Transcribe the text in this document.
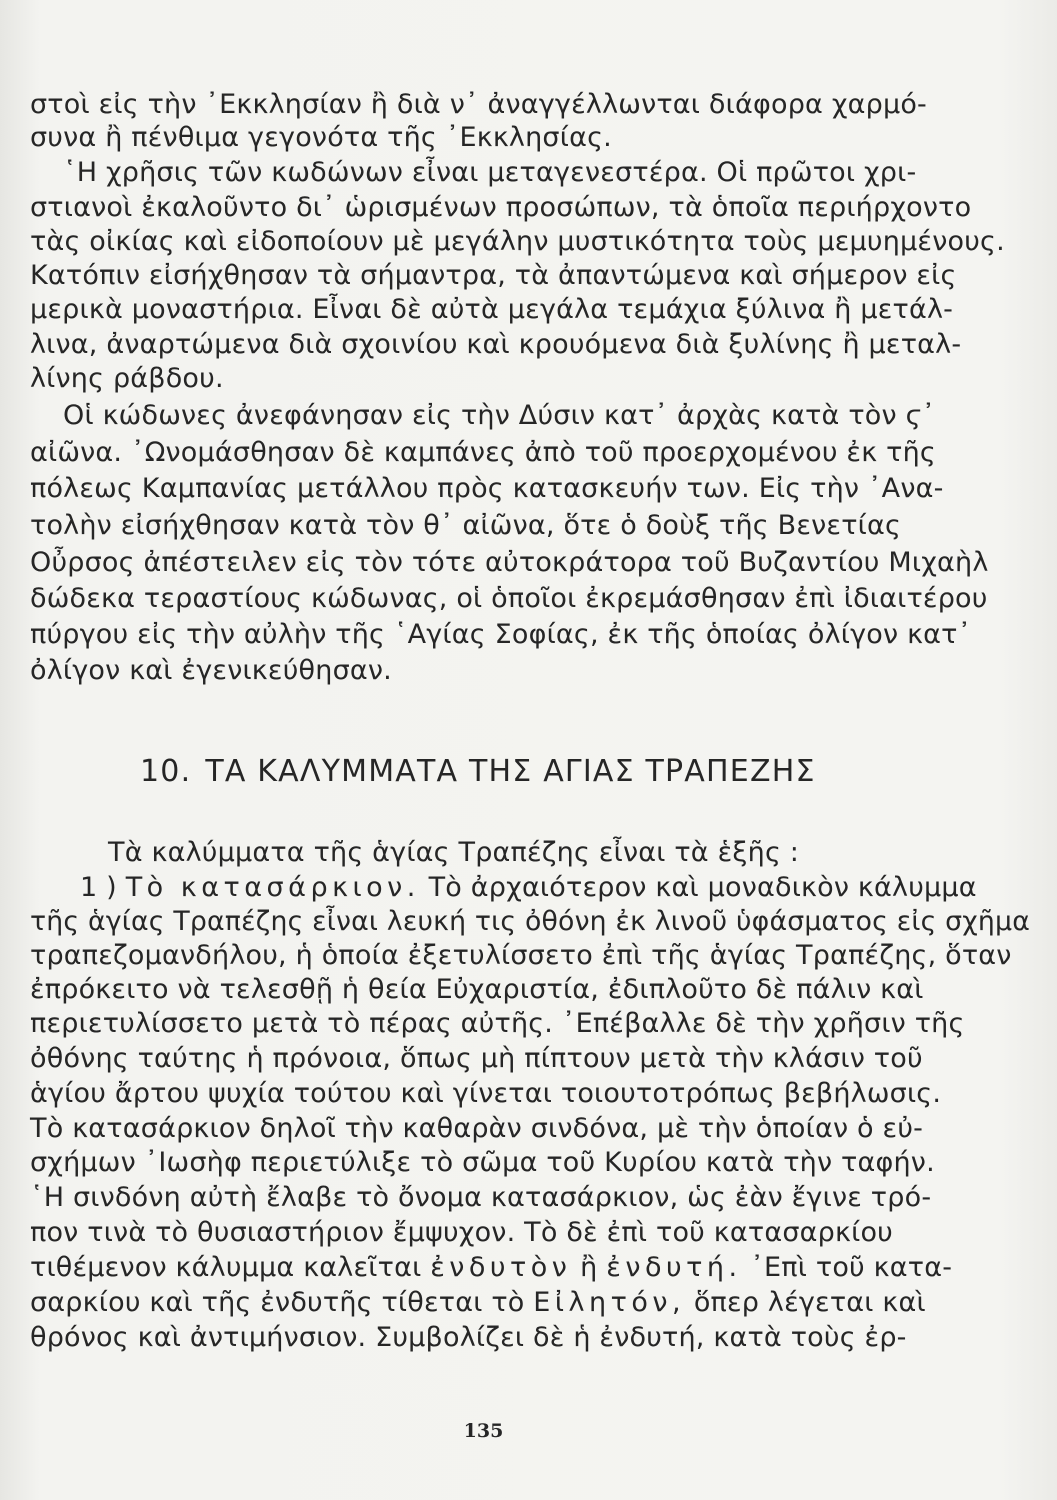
στοὶ εἰς τὴν ᾽Εκκλησίαν ἢ διὰ ν᾽ ἀναγγέλλωνται διάφορα χαρμό-
συνα ἢ πένθιμα γεγονότα τῆς ᾽Εκκλησίας.
῾Η χρῆσις τῶν κωδώνων εἶναι μεταγενεστέρα. Οἱ πρῶτοι χρι-
στιανοὶ ἐκαλοῦντο δι᾽ ὡρισμένων προσώπων, τὰ ὁποῖα περιήρχοντο
τὰς οἰκίας καὶ εἰδοποίουν μὲ μεγάλην μυστικότητα τοὺς μεμυημένους.
Κατόπιν εἰσήχθησαν τὰ σήμαντρα, τὰ ἀπαντώμενα καὶ σήμερον εἰς
μερικὰ μοναστήρια. Εἶναι δὲ αὐτὰ μεγάλα τεμάχια ξύλινα ἢ μετάλ-
λινα, ἀναρτώμενα διὰ σχοινίου καὶ κρουόμενα διὰ ξυλίνης ἢ μεταλ-
λίνης ράβδου.
Οἱ κώδωνες ἀνεφάνησαν εἰς τὴν Δύσιν κατ᾽ ἀρχὰς κατὰ τὸν ϛ᾽
αἰῶνα. ᾽Ωνομάσθησαν δὲ καμπάνες ἀπὸ τοῦ προερχομένου ἐκ τῆς
πόλεως Καμπανίας μετάλλου πρὸς κατασκευήν των. Εἰς τὴν ᾽Ανα-
τολὴν εἰσήχθησαν κατὰ τὸν θ᾽ αἰῶνα, ὅτε ὁ δοὺξ τῆς Βενετίας
Οὖρσος ἀπέστειλεν εἰς τὸν τότε αὐτοκράτορα τοῦ Βυζαντίου Μιχαὴλ
δώδεκα τεραστίους κώδωνας, οἱ ὁποῖοι ἐκρεμάσθησαν ἐπὶ ἰδιαιτέρου
πύργου εἰς τὴν αὐλὴν τῆς ῾Αγίας Σοφίας, ἐκ τῆς ὁποίας ὀλίγον κατ᾽
ὀλίγον καὶ ἐγενικεύθησαν.
10. ΤΑ ΚΑΛΥΜΜΑΤΑ ΤΗΣ ΑΓΙΑΣ ΤΡΑΠΕΖΗΣ
Τὰ καλύμματα τῆς ἁγίας Τραπέζης εἶναι τὰ ἑξῆς :
1 ) Τὸ κατασάρκιον. Τὸ ἀρχαιότερον καὶ μοναδικὸν κάλυμμα
τῆς ἁγίας Τραπέζης εἶναι λευκή τις ὀθόνη ἐκ λινοῦ ὑφάσματος εἰς σχῆμα
τραπεζομανδήλου, ἡ ὁποία ἐξετυλίσσετο ἐπὶ τῆς ἁγίας Τραπέζης, ὅταν
ἐπρόκειτο νὰ τελεσθῇ ἡ θεία Εὐχαριστία, ἐδιπλοῦτο δὲ πάλιν καὶ
περιετυλίσσετο μετὰ τὸ πέρας αὐτῆς. ᾽Επέβαλλε δὲ τὴν χρῆσιν τῆς
ὀθόνης ταύτης ἡ πρόνοια, ὅπως μὴ πίπτουν μετὰ τὴν κλάσιν τοῦ
ἁγίου ἄρτου ψυχία τούτου καὶ γίνεται τοιουτοτρόπως βεβήλωσις.
Τὸ κατασάρκιον δηλοῖ τὴν καθαρὰν σινδόνα, μὲ τὴν ὁποίαν ὁ εὐ-
σχήμων ᾽Ιωσὴφ περιετύλιξε τὸ σῶμα τοῦ Κυρίου κατὰ τὴν ταφήν.
῾Η σινδόνη αὐτὴ ἔλαβε τὸ ὄνομα κατασάρκιον, ὡς ἐὰν ἔγινε τρό-
πον τινὰ τὸ θυσιαστήριον ἔμψυχον. Τὸ δὲ ἐπὶ τοῦ κατασαρκίου
τιθέμενον κάλυμμα καλεῖται ἐνδυτὸν ἢ ἐνδυτή. ᾽Επὶ τοῦ κατα-
σαρκίου καὶ τῆς ἐνδυτῆς τίθεται τὸ Εἰλητόν, ὅπερ λέγεται καὶ
θρόνος καὶ ἀντιμήνσιον. Συμβολίζει δὲ ἡ ἐνδυτή, κατὰ τοὺς ἐρ-
135
